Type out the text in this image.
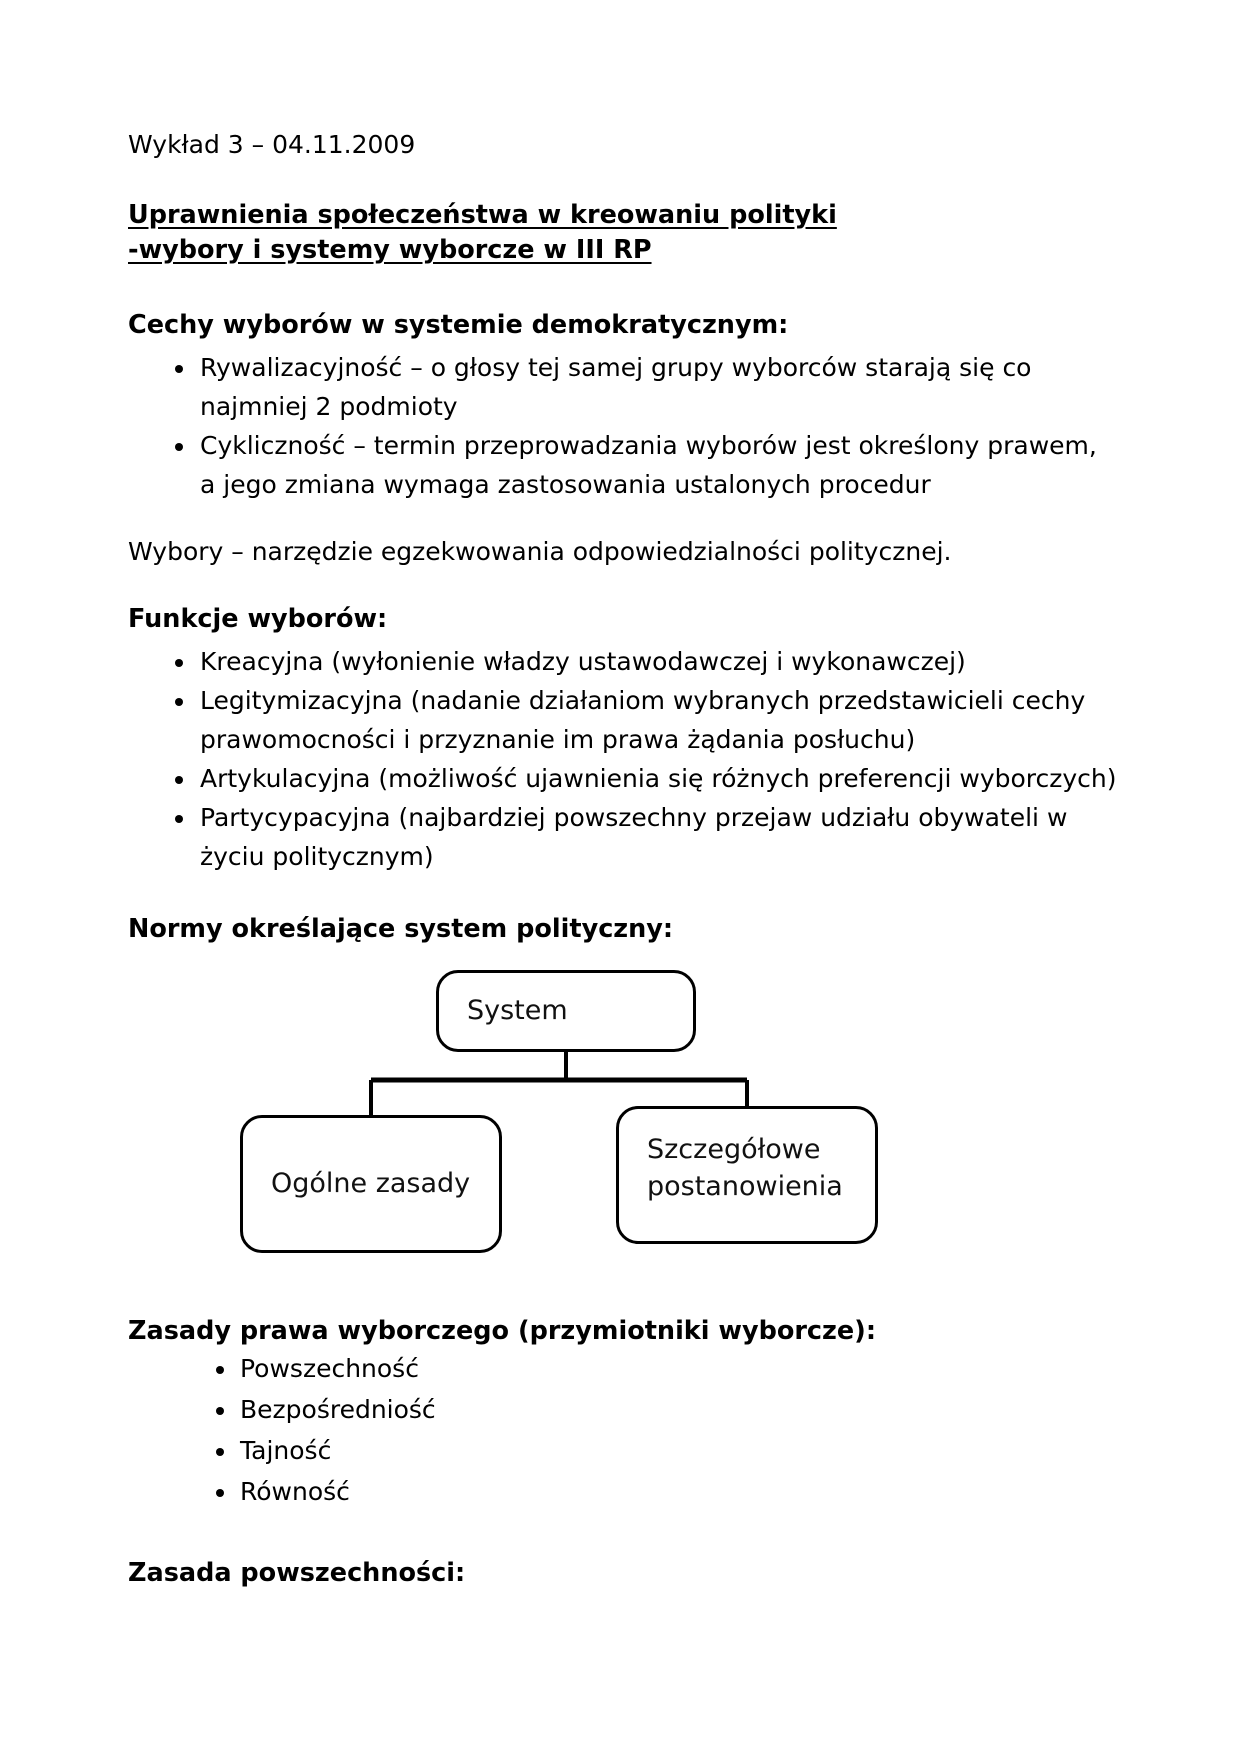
Wykład 3 – 04.11.2009
Uprawnienia społeczeństwa w kreowaniu polityki
-wybory i systemy wyborcze w III RP
Cechy wyborów w systemie demokratycznym:
Rywalizacyjność – o głosy tej samej grupy wyborców starają się co najmniej 2 podmioty
Cykliczność – termin przeprowadzania wyborów jest określony prawem, a jego zmiana wymaga zastosowania ustalonych procedur
Wybory – narzędzie egzekwowania odpowiedzialności politycznej.
Funkcje wyborów:
Kreacyjna (wyłonienie władzy ustawodawczej i wykonawczej)
Legitymizacyjna (nadanie działaniom wybranych przedstawicieli cechy prawomocności i przyznanie im prawa żądania posłuchu)
Artykulacyjna (możliwość ujawnienia się różnych preferencji wyborczych)
Partycypacyjna (najbardziej powszechny przejaw udziału obywateli w życiu politycznym)
Normy określające system polityczny:
System
Ogólne zasady
Szczegółowe postanowienia
Zasady prawa wyborczego (przymiotniki wyborcze):
Powszechność
Bezpośredniość
Tajność
Równość
Zasada powszechności:
